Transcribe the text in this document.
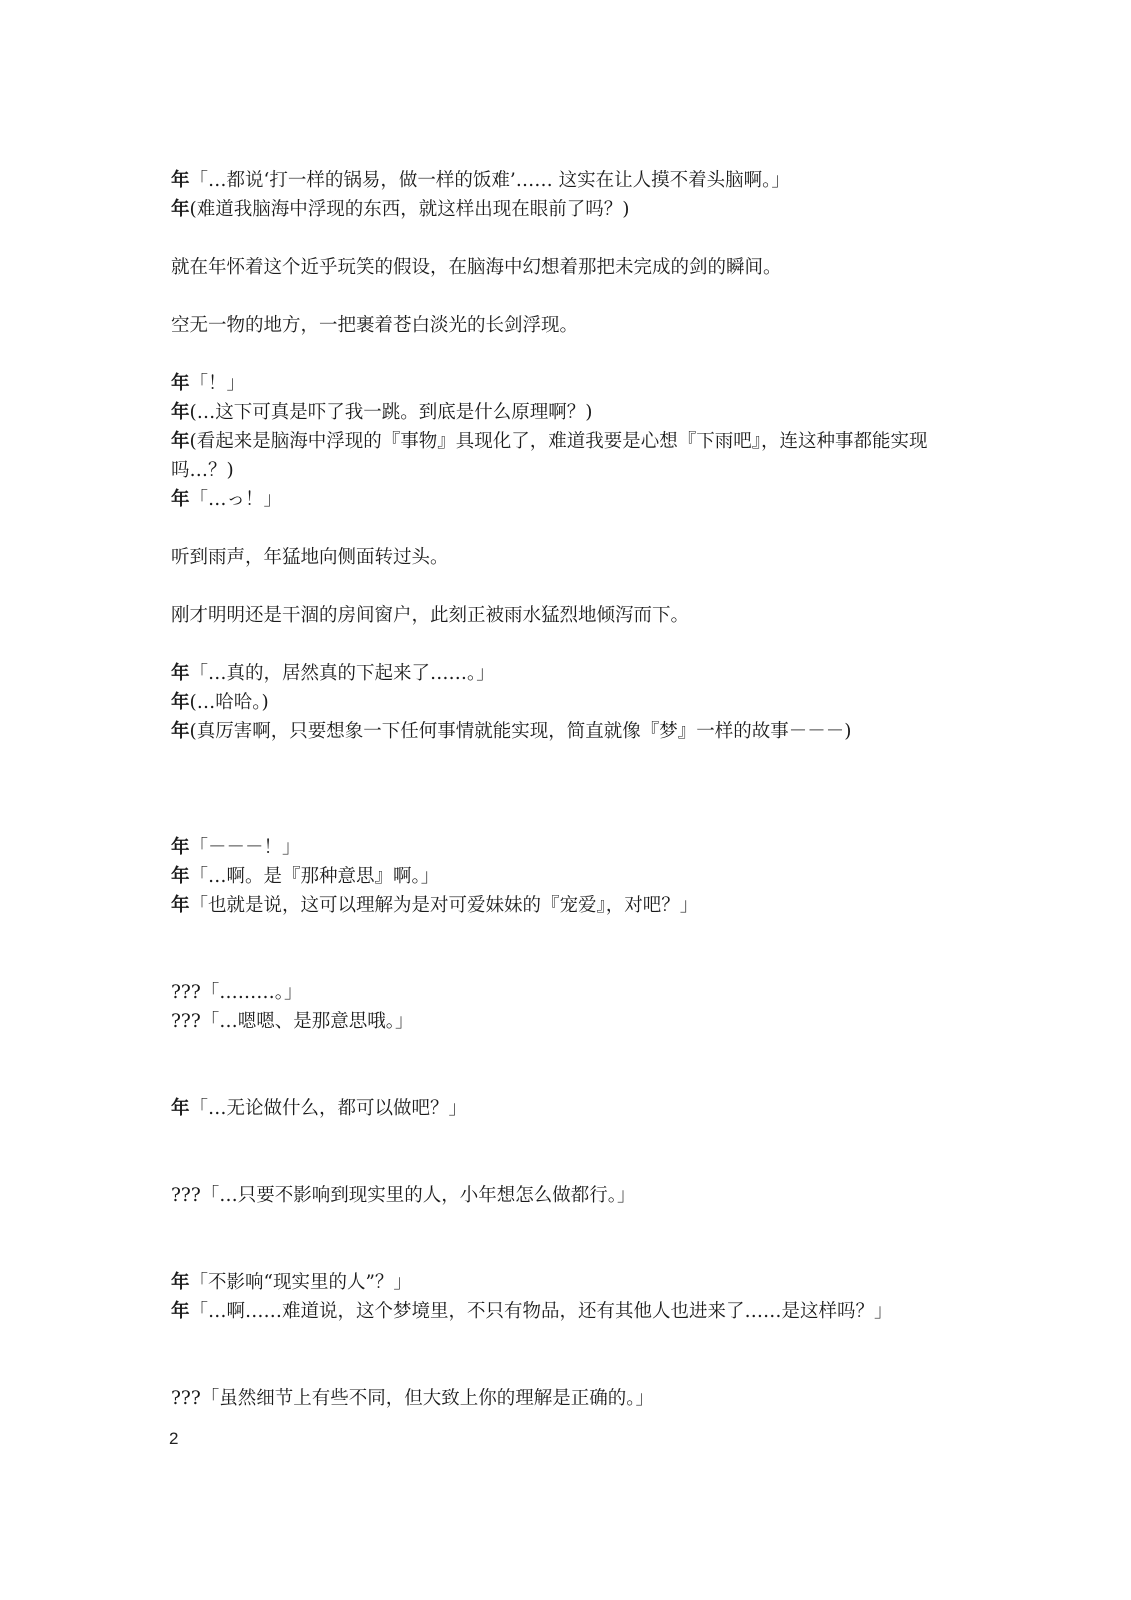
年「…都说‘打一样的锅易，做一样的饭难’…… 这实在让人摸不着头脑啊。」
年(难道我脑海中浮现的东西，就这样出现在眼前了吗？)
就在年怀着这个近乎玩笑的假设，在脑海中幻想着那把未完成的剑的瞬间。
空无一物的地方，一把裹着苍白淡光的长剑浮现。
年「！」
年(…这下可真是吓了我一跳。到底是什么原理啊？)
年(看起来是脑海中浮现的『事物』具现化了，难道我要是心想『下雨吧』，连这种事都能实现吗…？)
年「…っ！」
听到雨声，年猛地向侧面转过头。
刚才明明还是干涸的房间窗户，此刻正被雨水猛烈地倾泻而下。
年「…真的，居然真的下起来了……。」
年(…哈哈。)
年(真厉害啊，只要想象一下任何事情就能实现，简直就像『梦』一样的故事－－－)
年「－－－！」
年「…啊。是『那种意思』啊。」
年「也就是说，这可以理解为是对可爱妹妹的『宠爱』，对吧？」
???「………。」
???「…嗯嗯、是那意思哦。」
年「…无论做什么，都可以做吧？」
???「…只要不影响到现实里的人，小年想怎么做都行。」
年「不影响“现实里的人”？」
年「…啊……难道说，这个梦境里，不只有物品，还有其他人也进来了……是这样吗？」
???「虽然细节上有些不同，但大致上你的理解是正确的。」
2
